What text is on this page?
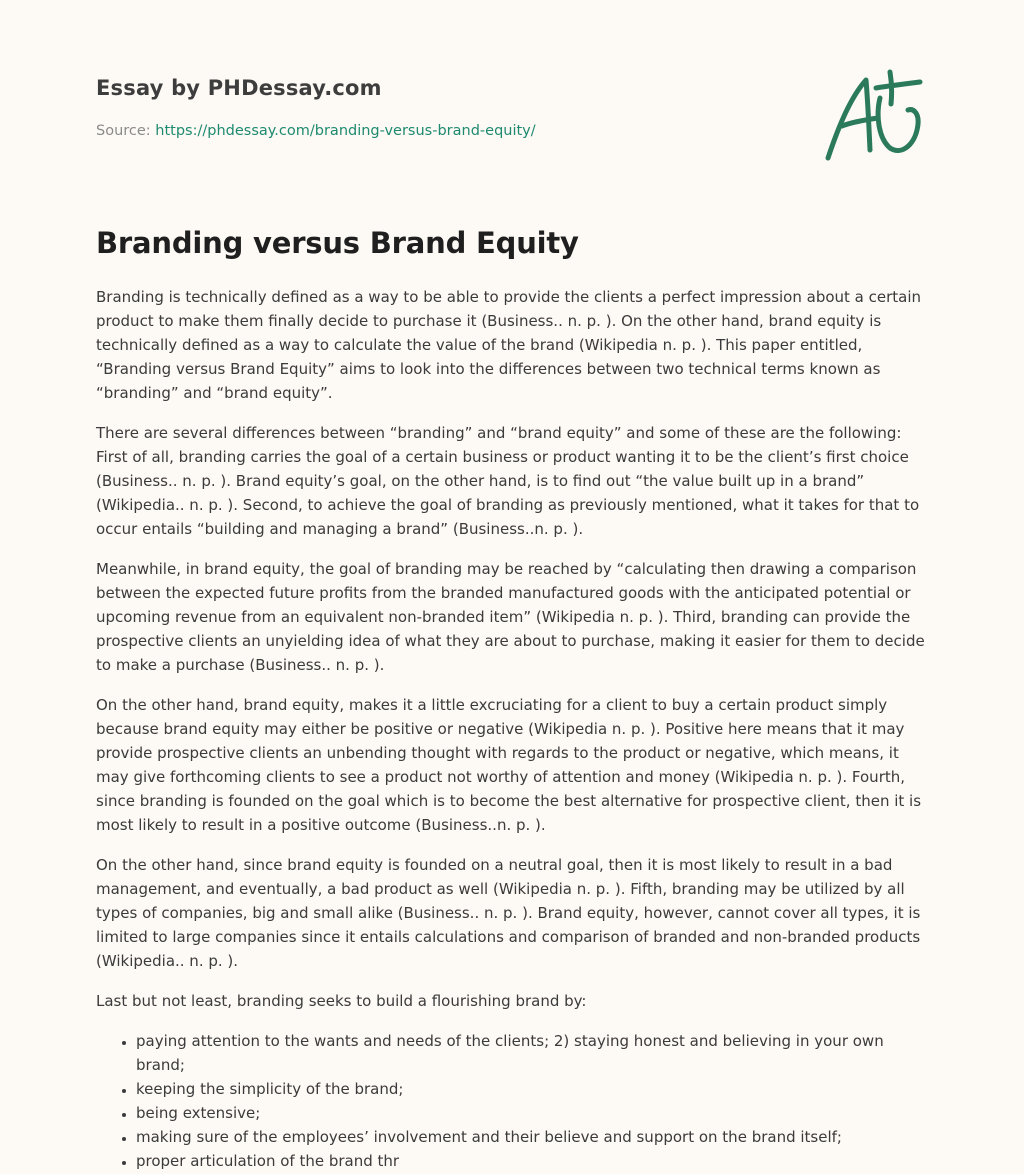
Essay by PHDessay.com
Source: https://phdessay.com/branding-versus-brand-equity/
Branding versus Brand Equity

Branding is technically defined as a way to be able to provide the clients a perfect impression about a certain product to make them finally decide to purchase it (Business.. n. p. ). On the other hand, brand equity is technically defined as a way to calculate the value of the brand (Wikipedia n. p. ). This paper entitled, “Branding versus Brand Equity” aims to look into the differences between two technical terms known as “branding” and “brand equity”.

There are several differences between “branding” and “brand equity” and some of these are the following: First of all, branding carries the goal of a certain business or product wanting it to be the client’s first choice (Business.. n. p. ). Brand equity’s goal, on the other hand, is to find out “the value built up in a brand” (Wikipedia.. n. p. ). Second, to achieve the goal of branding as previously mentioned, what it takes for that to occur entails “building and managing a brand” (Business..n. p. ).

Meanwhile, in brand equity, the goal of branding may be reached by “calculating then drawing a comparison between the expected future profits from the branded manufactured goods with the anticipated potential or upcoming revenue from an equivalent non-branded item” (Wikipedia n. p. ). Third, branding can provide the prospective clients an unyielding idea of what they are about to purchase, making it easier for them to decide to make a purchase (Business.. n. p. ).

On the other hand, brand equity, makes it a little excruciating for a client to buy a certain product simply because brand equity may either be positive or negative (Wikipedia n. p. ). Positive here means that it may provide prospective clients an unbending thought with regards to the product or negative, which means, it may give forthcoming clients to see a product not worthy of attention and money (Wikipedia n. p. ). Fourth, since branding is founded on the goal which is to become the best alternative for prospective client, then it is most likely to result in a positive outcome (Business..n. p. ).

On the other hand, since brand equity is founded on a neutral goal, then it is most likely to result in a bad management, and eventually, a bad product as well (Wikipedia n. p. ). Fifth, branding may be utilized by all types of companies, big and small alike (Business.. n. p. ). Brand equity, however, cannot cover all types, it is limited to large companies since it entails calculations and comparison of branded and non-branded products (Wikipedia.. n. p. ).

Last but not least, branding seeks to build a flourishing brand by:

• paying attention to the wants and needs of the clients; 2) staying honest and believing in your own brand;
• keeping the simplicity of the brand;
• being extensive;
• making sure of the employees’ involvement and their believe and support on the brand itself;
• proper articulation of the brand thr
